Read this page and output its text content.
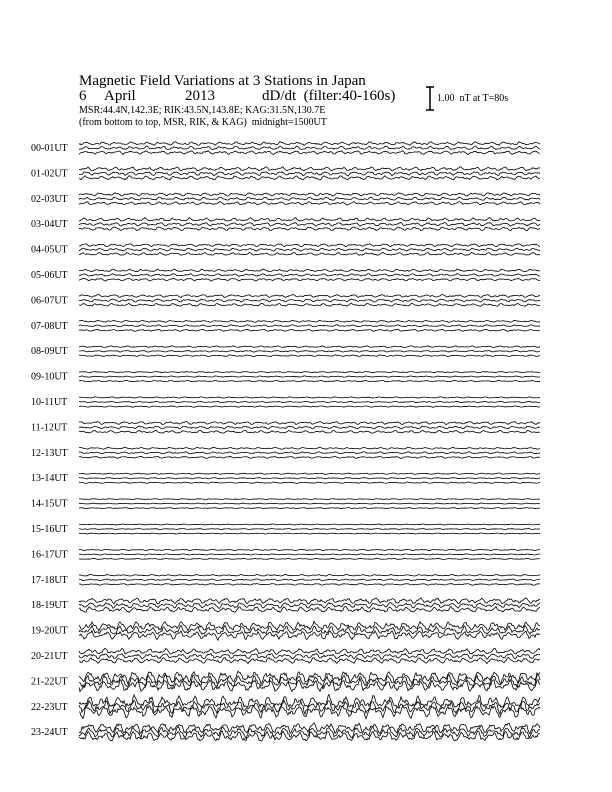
Magnetic Field Variations at 3 Stations in Japan
6 April	2013	dD/dt  (filter:40-160s)
MSR:44.4N,142.3E; RIK:43.5N,143.8E; KAG:31.5N,130.7E
(from bottom to top, MSR, RIK, & KAG)  midnight=1500UT
1.00  nT at T=80s
00-01UT
01-02UT
02-03UT
03-04UT
04-05UT
05-06UT
06-07UT
07-08UT
08-09UT
09-10UT
10-11UT
11-12UT
12-13UT
13-14UT
14-15UT
15-16UT
16-17UT
17-18UT
18-19UT
19-20UT
20-21UT
21-22UT
22-23UT
23-24UT
